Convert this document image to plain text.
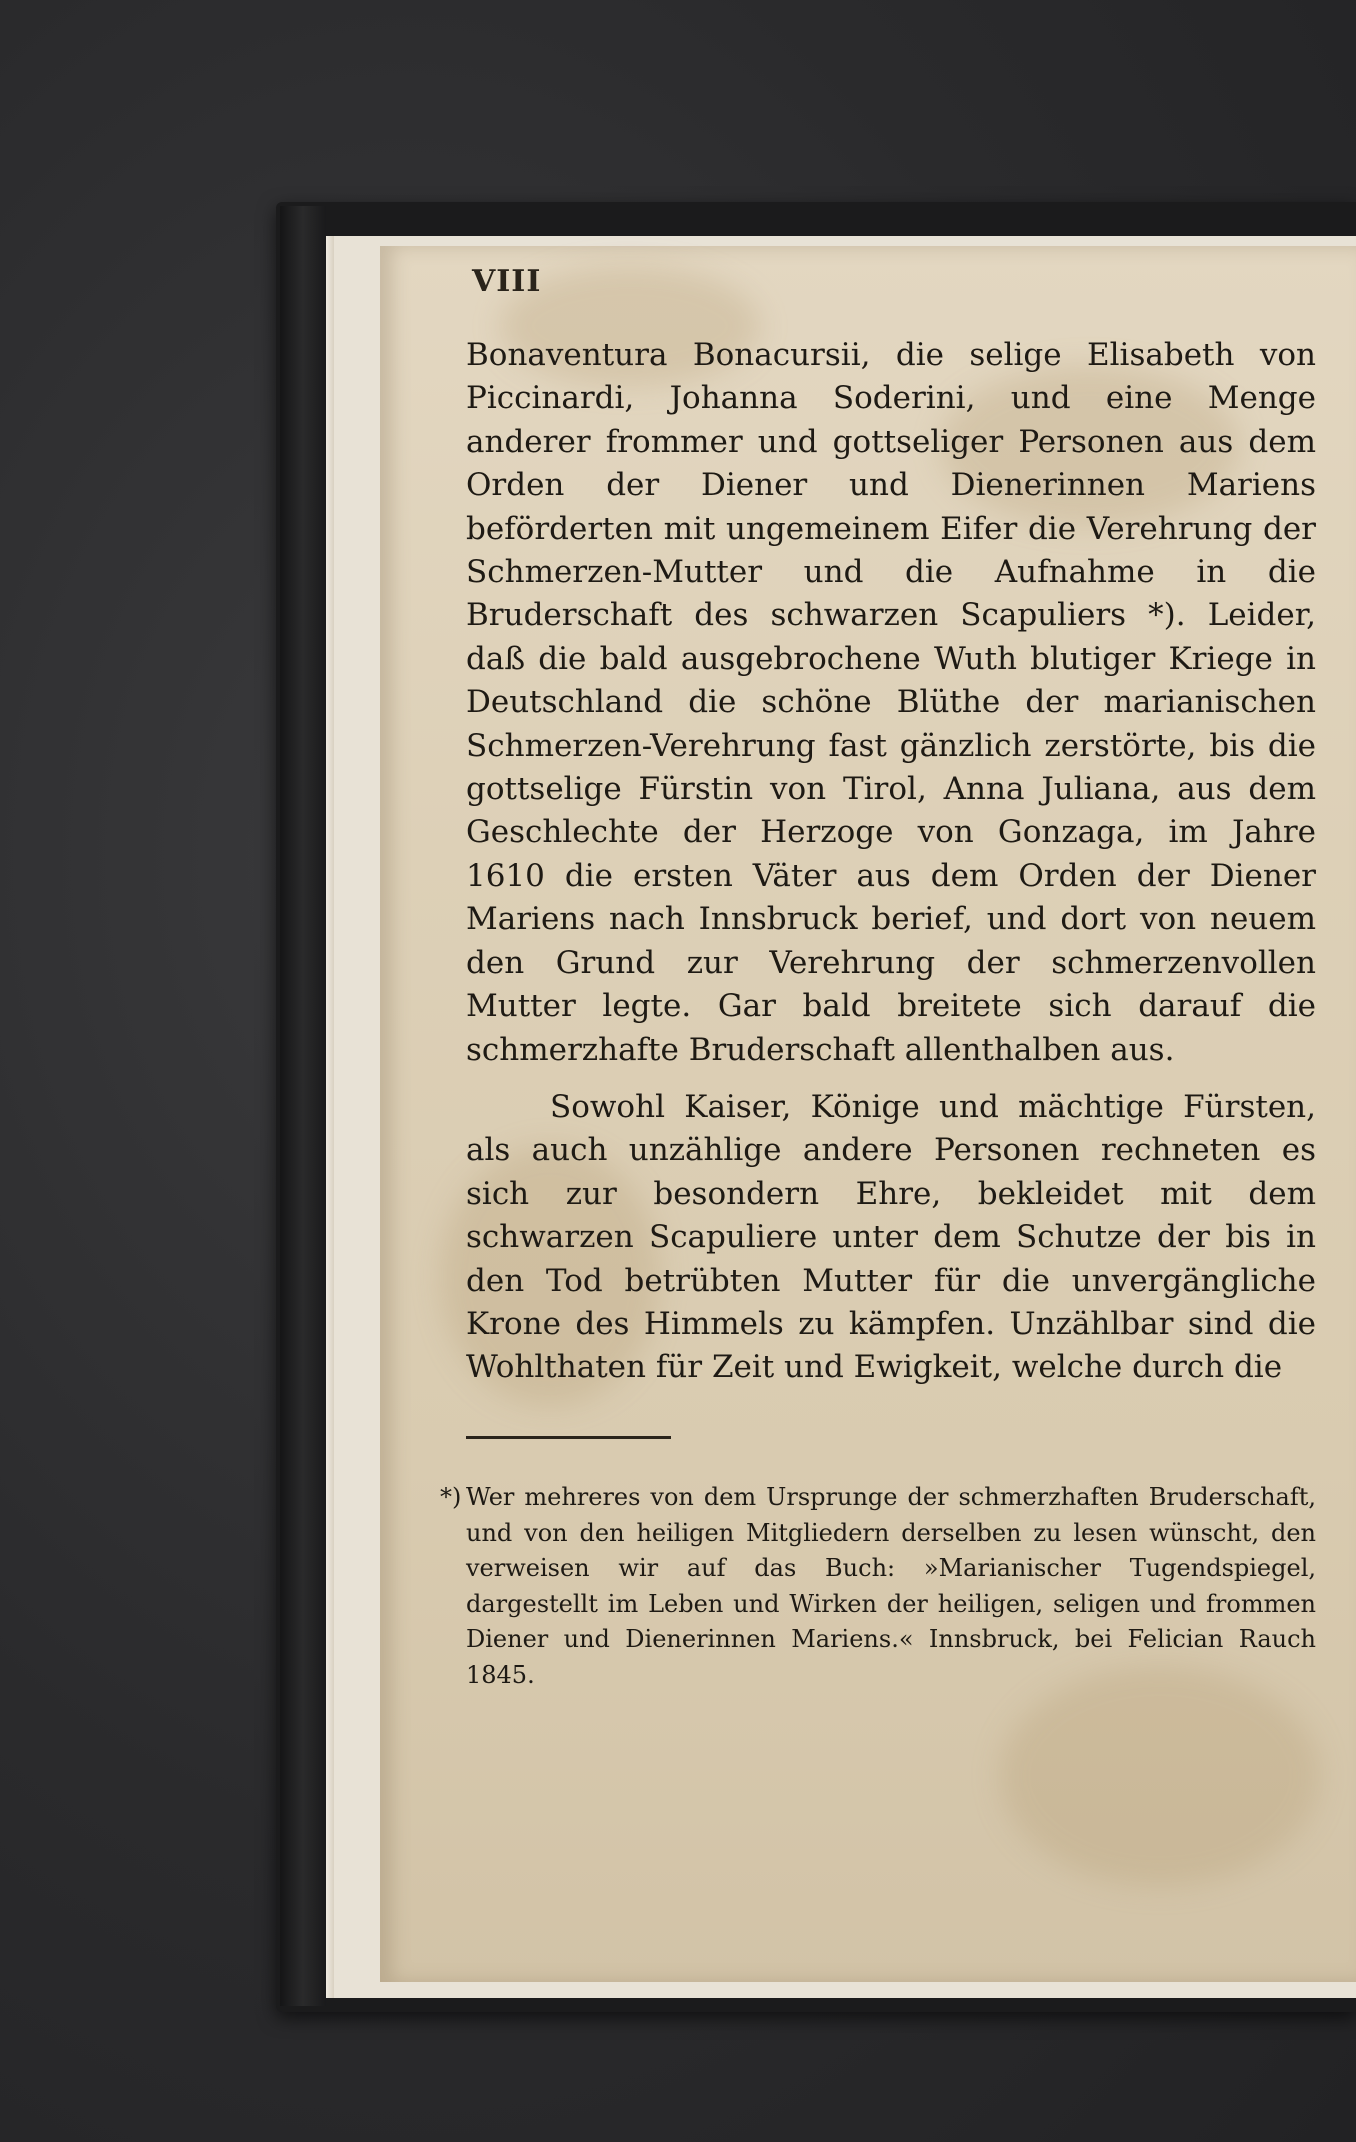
VIII

Bonaventura Bonacursii, die selige Elisabeth von Piccinardi, Johanna Soderini, und eine Menge anderer frommer und gottseliger Personen aus dem Orden der Diener und Dienerinnen Mariens beförderten mit ungemeinem Eifer die Verehrung der Schmerzen-Mutter und die Aufnahme in die Bruderschaft des schwarzen Scapuliers *). Leider, daß die bald ausgebrochene Wuth blutiger Kriege in Deutschland die schöne Blüthe der marianischen Schmerzen-Verehrung fast gänzlich zerstörte, bis die gottselige Fürstin von Tirol, Anna Juliana, aus dem Geschlechte der Herzoge von Gonzaga, im Jahre 1610 die ersten Väter aus dem Orden der Diener Mariens nach Innsbruck berief, und dort von neuem den Grund zur Verehrung der schmerzenvollen Mutter legte. Gar bald breitete sich darauf die schmerzhafte Bruderschaft allenthalben aus.

Sowohl Kaiser, Könige und mächtige Fürsten, als auch unzählige andere Personen rechneten es sich zur besondern Ehre, bekleidet mit dem schwarzen Scapuliere unter dem Schutze der bis in den Tod betrübten Mutter für die unvergängliche Krone des Himmels zu kämpfen. Unzählbar sind die Wohlthaten für Zeit und Ewigkeit, welche durch die

*) Wer mehreres von dem Ursprunge der schmerzhaften Bruderschaft, und von den heiligen Mitgliedern derselben zu lesen wünscht, den verweisen wir auf das Buch: »Marianischer Tugendspiegel, dargestellt im Leben und Wirken der heiligen, seligen und frommen Diener und Dienerinnen Mariens.« Innsbruck, bei Felician Rauch 1845.
